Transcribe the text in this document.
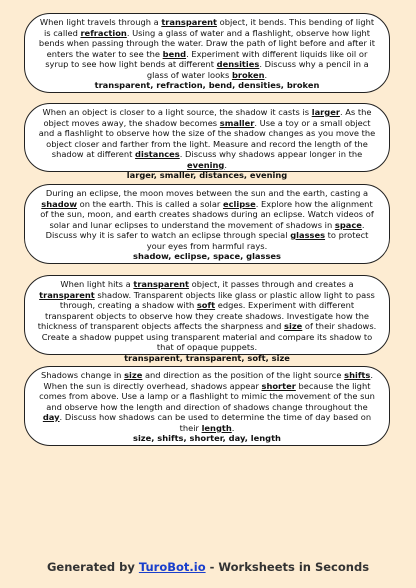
When light travels through a transparent object, it bends. This bending of light is called refraction. Using a glass of water and a flashlight, observe how light bends when passing through the water. Draw the path of light before and after it enters the water to see the bend. Experiment with different liquids like oil or syrup to see how light bends at different densities. Discuss why a pencil in a glass of water looks broken.
transparent, refraction, bend, densities, broken
When an object is closer to a light source, the shadow it casts is larger. As the object moves away, the shadow becomes smaller. Use a toy or a small object and a flashlight to observe how the size of the shadow changes as you move the object closer and farther from the light. Measure and record the length of the shadow at different distances. Discuss why shadows appear longer in the evening.
larger, smaller, distances, evening
During an eclipse, the moon moves between the sun and the earth, casting a shadow on the earth. This is called a solar eclipse. Explore how the alignment of the sun, moon, and earth creates shadows during an eclipse. Watch videos of solar and lunar eclipses to understand the movement of shadows in space. Discuss why it is safer to watch an eclipse through special glasses to protect your eyes from harmful rays.
shadow, eclipse, space, glasses
When light hits a transparent object, it passes through and creates a transparent shadow. Transparent objects like glass or plastic allow light to pass through, creating a shadow with soft edges. Experiment with different transparent objects to observe how they create shadows. Investigate how the thickness of transparent objects affects the sharpness and size of their shadows. Create a shadow puppet using transparent material and compare its shadow to that of opaque puppets.
transparent, transparent, soft, size
Shadows change in size and direction as the position of the light source shifts. When the sun is directly overhead, shadows appear shorter because the light comes from above. Use a lamp or a flashlight to mimic the movement of the sun and observe how the length and direction of shadows change throughout the day. Discuss how shadows can be used to determine the time of day based on their length.
size, shifts, shorter, day, length
Generated by TuroBot.io - Worksheets in Seconds
